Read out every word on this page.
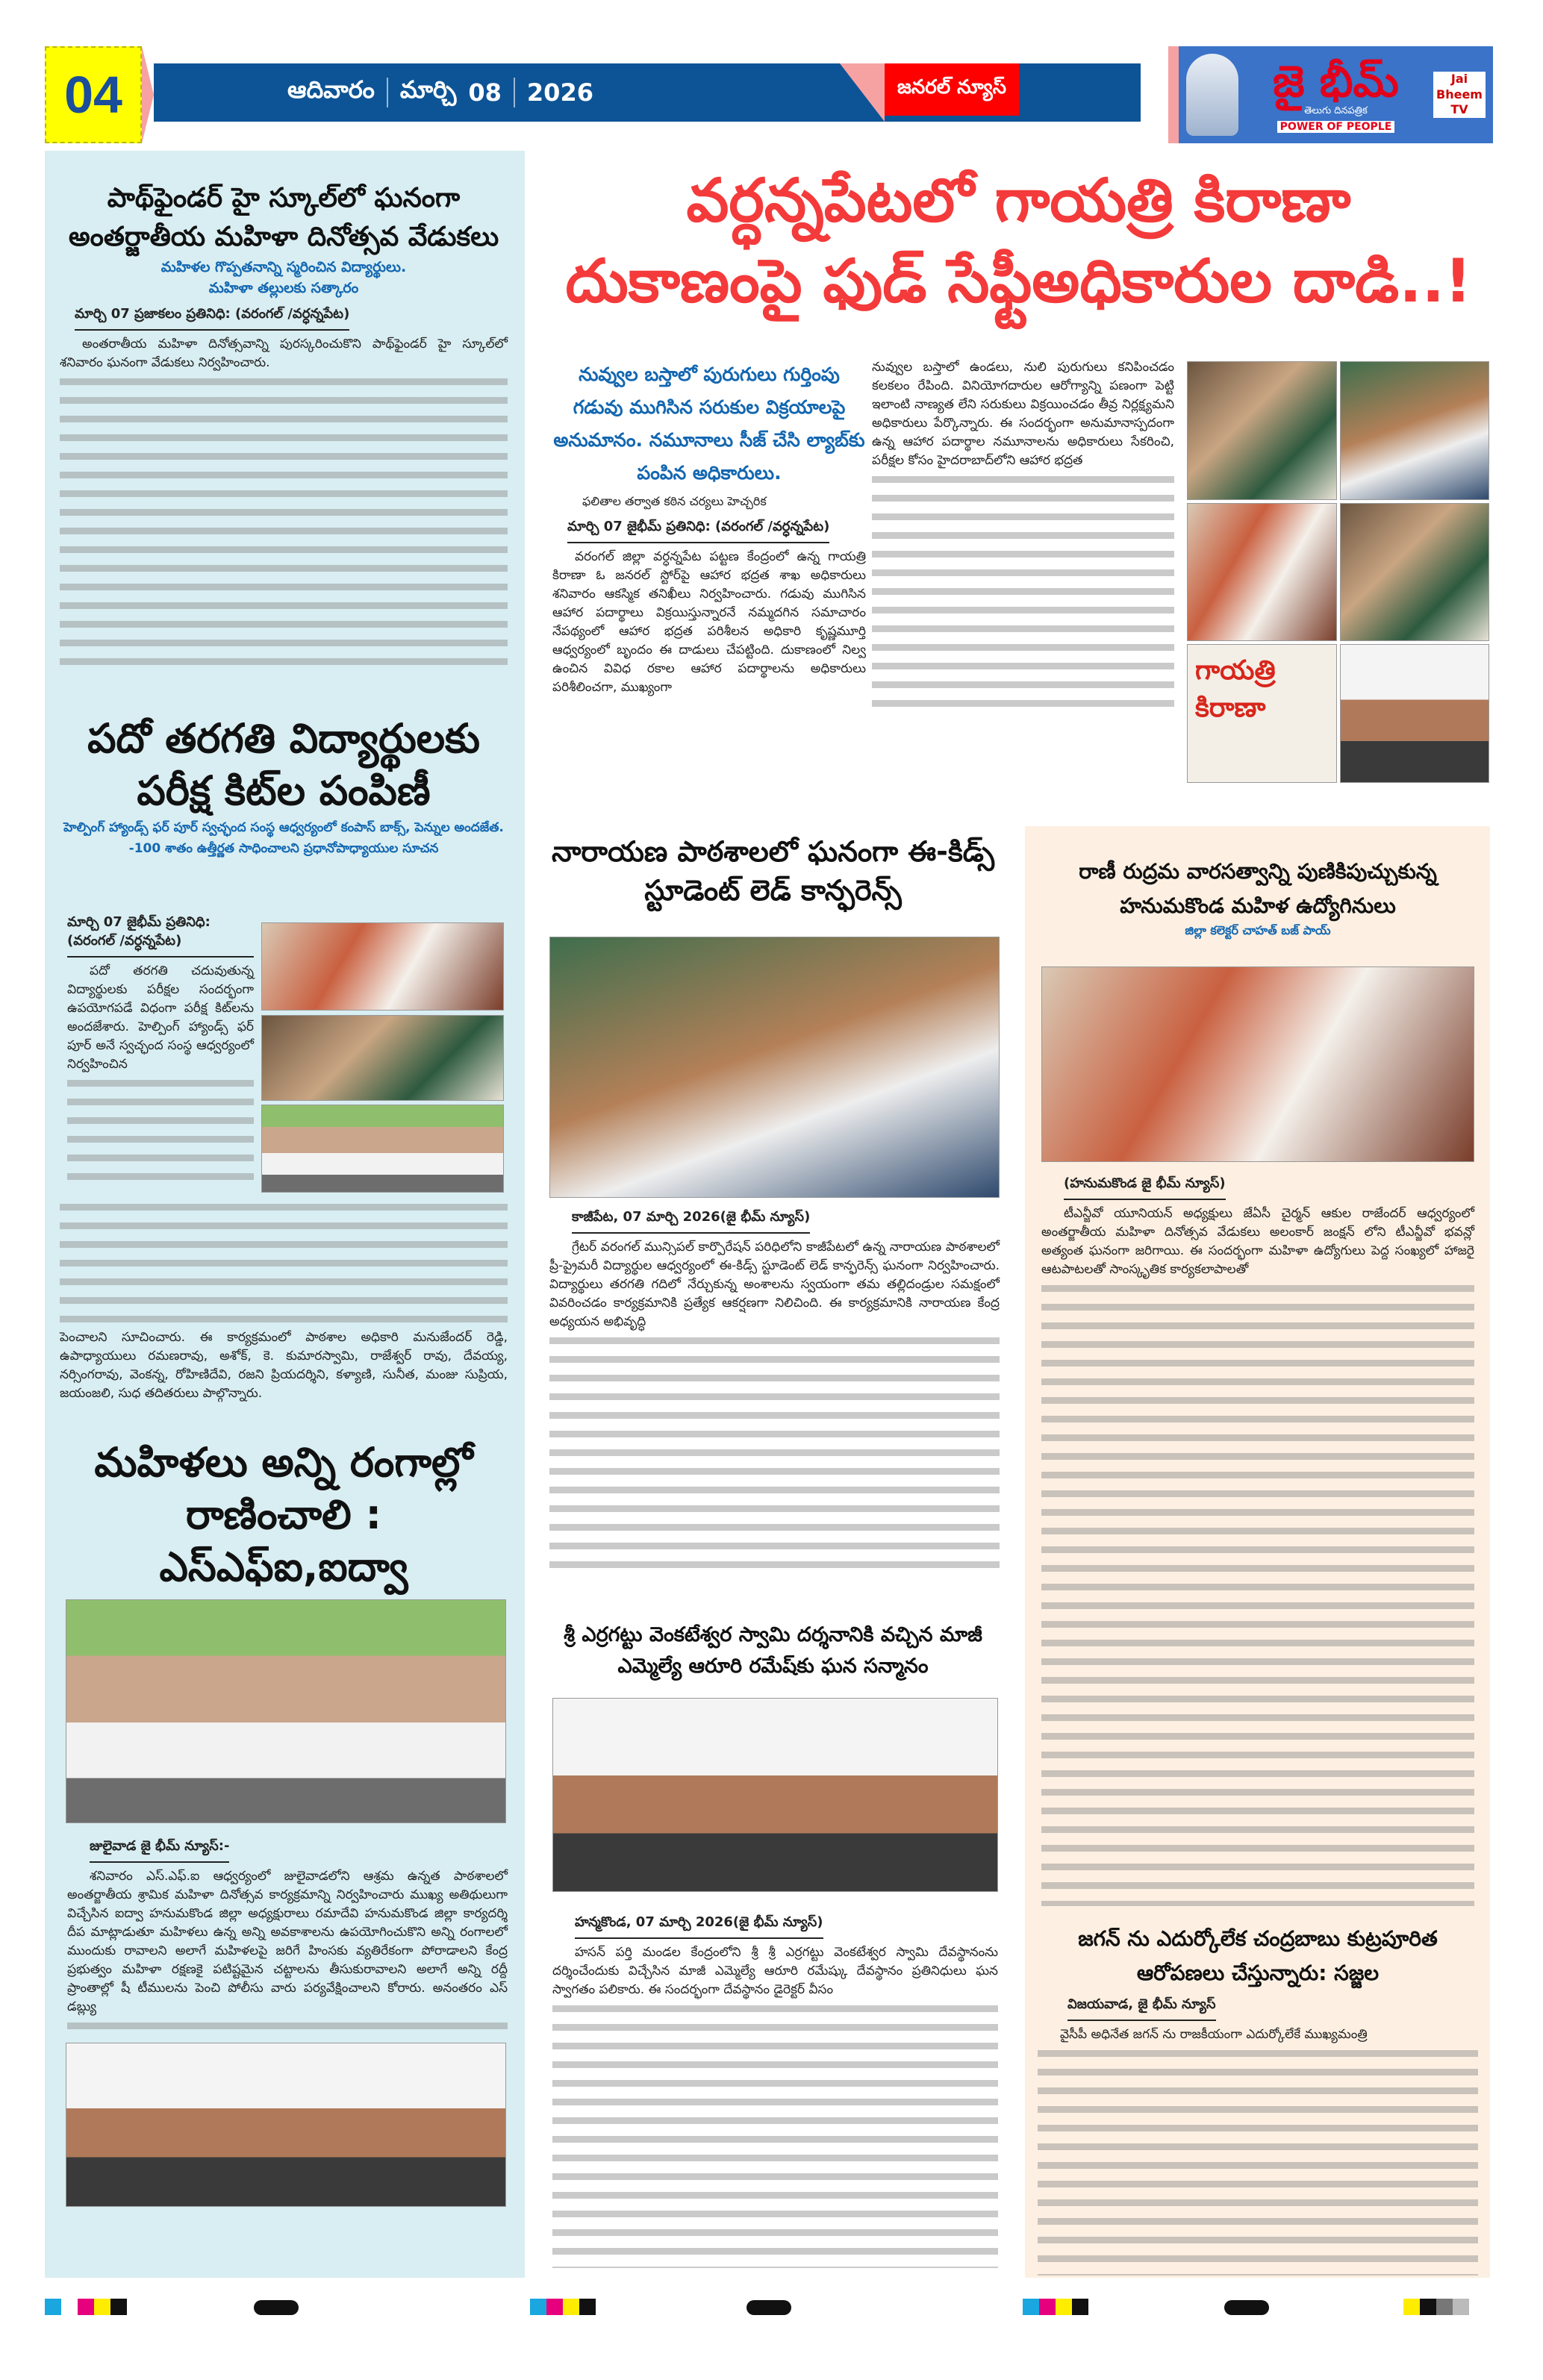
04	ఆదివారం మార్చి 08 2026	జనరల్ న్యూస్	జై భీమ్
తెలుగు దినపత్రిక
POWER OF PEOPLE
Jai Bheem TV
పాథ్‌ఫైండర్ హై స్కూల్‌లో ఘనంగా అంతర్జాతీయ మహిళా దినోత్సవ వేడుకలు
మహిళల గొప్పతనాన్ని స్మరించిన విద్యార్థులు.
మహిళా తల్లులకు సత్కారం
మార్చి 07 ప్రజాకలం ప్రతినిధి: (వరంగల్ /వర్ధన్నపేట)

అంతరాతీయ మహిళా దినోత్సవాన్ని పురస్కరించుకొని పాథ్‌ఫైండర్ హై స్కూల్‌లో శనివారం ఘనంగా వేడుకలు నిర్వహించారు.

పదో తరగతి విద్యార్థులకు పరీక్ష కిట్‌ల పంపిణీ
హెల్పింగ్ హ్యాండ్స్ ఫర్ పూర్ స్వచ్ఛంద సంస్థ ఆధ్వర్యంలో కంపాస్ బాక్స్, పెన్నుల అందజేత. -100 శాతం ఉత్తీర్ణత సాధించాలని ప్రధానోపాధ్యాయుల సూచన
మార్చి 07 జైభీమ్ ప్రతినిధి: (వరంగల్ /వర్ధన్నపేట)

పదో తరగతి చదువుతున్న విద్యార్థులకు పరీక్షల సందర్భంగా ఉపయోగపడే విధంగా పరీక్ష కిట్‌లను అందజేశారు. హెల్పింగ్ హ్యాండ్స్ ఫర్ పూర్ అనే స్వచ్ఛంద సంస్థ ఆధ్వర్యంలో నిర్వహించిన

పెంచాలని సూచించారు. ఈ కార్యక్రమంలో పాఠశాల అధికారి మనుజేందర్ రెడ్డి, ఉపాధ్యాయులు రమణరావు, అశోక్, కె. కుమారస్వామి, రాజేశ్వర్ రావు, దేవయ్య, నర్సింగరావు, వెంకన్న, రోహిణిదేవి, రజని ప్రియదర్శిని, కళ్యాణి, సునీత, మంజు సుప్రియ, జయంజలి, సుధ తదితరులు పాల్గొన్నారు.

మహిళలు అన్ని రంగాల్లో రాణించాలి : ఎస్ఎఫ్ఐ,ఐద్వా
జులైవాడ జై భీమ్ న్యూస్:-

శనివారం ఎస్.ఎఫ్.ఐ ఆధ్వర్యంలో జులైవాడలోని ఆశ్రమ ఉన్నత పాఠశాలలో అంతర్జాతీయ శ్రామిక మహిళా దినోత్సవ కార్యక్రమాన్ని నిర్వహించారు ముఖ్య అతిథులుగా విచ్చేసిన ఐద్వా హనుమకొండ జిల్లా అధ్యక్షురాలు రమాదేవి హనుమకొండ జిల్లా కార్యదర్శి దీప మాట్లాడుతూ మహిళలు ఉన్న అన్ని అవకాశాలను ఉపయోగించుకొని అన్ని రంగాలలో ముందుకు రావాలని అలాగే మహిళలపై జరిగే హింసకు వ్యతిరేకంగా పోరాడాలని కేంద్ర ప్రభుత్వం మహిళా రక్షణకై పటిష్టమైన చట్టాలను తీసుకురావాలని అలాగే అన్ని రద్దీ ప్రాంతాల్లో షీ టీములను పెంచి పోలీసు వారు పర్యవేక్షించాలని కోరారు. అనంతరం ఎస్ డబ్ల్యు

వర్ధన్నపేటలో గాయత్రి కిరాణా
దుకాణంపై ఫుడ్ సేఫ్టీఅధికారుల దాడి..!
నువ్వుల బస్తాలో పురుగులు గుర్తింపు గడువు ముగిసిన సరుకుల విక్రయాలపై అనుమానం. నమూనాలు సీజ్ చేసి ల్యాబ్‌కు పంపిన అధికారులు.

ఫలితాల తర్వాత కఠిన చర్యలు హెచ్చరిక

మార్చి 07 జైభీమ్ ప్రతినిధి: (వరంగల్ /వర్ధన్నపేట)

వరంగల్ జిల్లా వర్ధన్నపేట పట్టణ కేంద్రంలో ఉన్న గాయత్రి కిరాణా ఓ జనరల్ స్టోర్‌పై ఆహార భద్రత శాఖ అధికారులు శనివారం ఆకస్మిక తనిఖీలు నిర్వహించారు. గడువు ముగిసిన ఆహార పదార్థాలు విక్రయిస్తున్నారనే నమ్మదగిన సమాచారం నేపథ్యంలో ఆహార భద్రత పరిశీలన అధికారి కృష్ణమూర్తి ఆధ్వర్యంలో బృందం ఈ దాడులు చేపట్టింది. దుకాణంలో నిల్వ ఉంచిన వివిధ రకాల ఆహార పదార్థాలను అధికారులు పరిశీలించగా, ముఖ్యంగా

నువ్వుల బస్తాలో ఉండలు, నులి పురుగులు కనిపించడం కలకలం రేపింది. వినియోగదారుల ఆరోగ్యాన్ని పణంగా పెట్టి ఇలాంటి నాణ్యత లేని సరుకులు విక్రయించడం తీవ్ర నిర్లక్ష్యమని అధికారులు పేర్కొన్నారు. ఈ సందర్భంగా అనుమానాస్పదంగా ఉన్న ఆహార పదార్థాల నమూనాలను అధికారులు సేకరించి, పరీక్షల కోసం హైదరాబాద్‌లోని ఆహార భద్రత

గాయత్రి కిరాణా
నారాయణ పాఠశాలలో ఘనంగా ఈ-కిడ్స్ స్టూడెంట్ లెడ్ కాన్ఫరెన్స్
కాజీపేట, 07 మార్చి 2026(జై భీమ్ న్యూస్)

గ్రేటర్ వరంగల్ మున్సిపల్ కార్పొరేషన్ పరిధిలోని కాజీపేటలో ఉన్న నారాయణ పాఠశాలలో ప్రీ-ప్రైమరీ విద్యార్థుల ఆధ్వర్యంలో ఈ-కిడ్స్ స్టూడెంట్ లెడ్ కాన్ఫరెన్స్ ఘనంగా నిర్వహించారు. విద్యార్థులు తరగతి గదిలో నేర్చుకున్న అంశాలను స్వయంగా తమ తల్లిదండ్రుల సమక్షంలో వివరించడం కార్యక్రమానికి ప్రత్యేక ఆకర్షణగా నిలిచింది. ఈ కార్యక్రమానికి నారాయణ కేంద్ర అధ్యయన అభివృద్ధి

శ్రీ ఎర్రగట్టు వెంకటేశ్వర స్వామి దర్శనానికి వచ్చిన మాజీ ఎమ్మెల్యే ఆరూరి రమేష్‌కు ఘన సన్మానం
హన్మకొండ, 07 మార్చి 2026(జై భీమ్ న్యూస్)

హసన్ పర్తి మండల కేంద్రంలోని శ్రీ శ్రీ ఎర్రగట్టు వెంకటేశ్వర స్వామి దేవస్థానంను దర్శించేందుకు విచ్చేసిన మాజీ ఎమ్మెల్యే ఆరూరి రమేష్కు దేవస్థానం ప్రతినిధులు ఘన స్వాగతం పలికారు. ఈ సందర్భంగా దేవస్థానం డైరెక్టర్ వీసం

రాణీ రుద్రమ వారసత్వాన్ని పుణికిపుచ్చుకున్న హనుమకొండ మహిళ ఉద్యోగినులు
జిల్లా కలెక్టర్ చాహత్ బజ్ పాయ్
(హనుమకొండ జై భీమ్ న్యూస్)

టీఎన్జీవో యూనియన్ అధ్యక్షులు జేఏసీ చైర్మన్ ఆకుల రాజేందర్ ఆధ్వర్యంలో అంతర్జాతీయ మహిళా దినోత్సవ వేడుకలు అలంకార్ జంక్షన్ లోని టీఎన్జీవో భవన్లో అత్యంత ఘనంగా జరిగాయి. ఈ సందర్భంగా మహిళా ఉద్యోగులు పెద్ద సంఖ్యలో హాజరై ఆటపాటలతో సాంస్కృతిక కార్యకలాపాలతో

జగన్ ను ఎదుర్కోలేక చంద్రబాబు కుట్రపూరిత ఆరోపణలు చేస్తున్నారు: సజ్జల
విజయవాడ, జై భీమ్ న్యూస్

వైసీపీ అధినేత జగన్ ను రాజకీయంగా ఎదుర్కోలేకే ముఖ్యమంత్రి
